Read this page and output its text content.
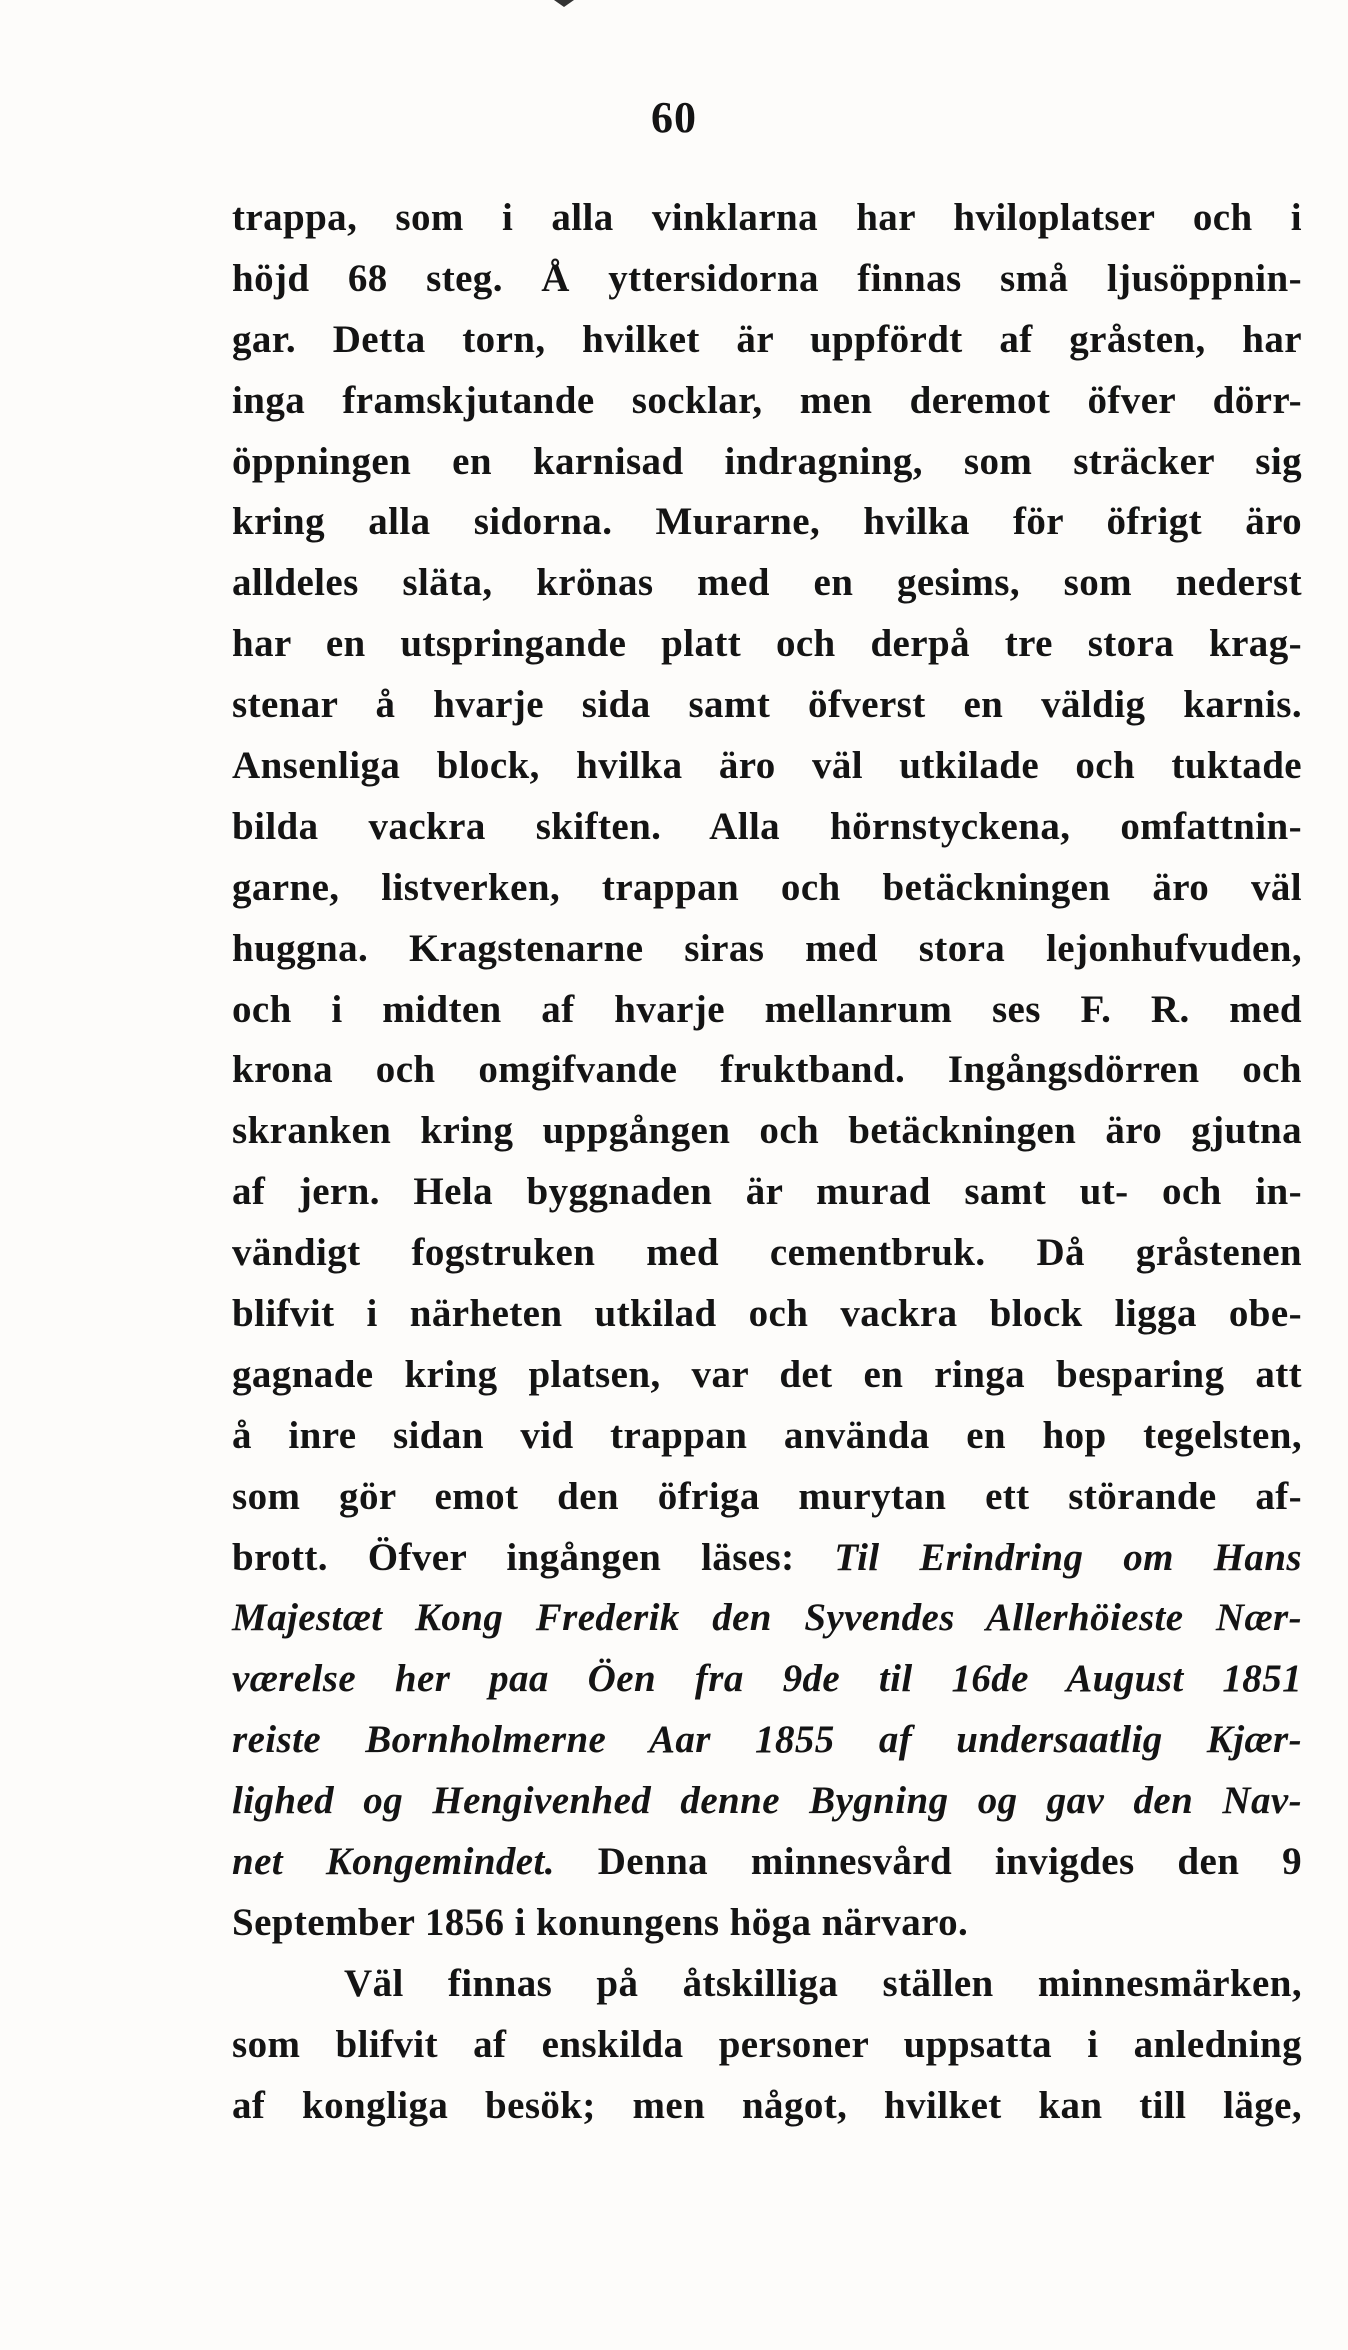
60
trappa, som i alla vinklarna har hviloplatser och i
höjd 68 steg. Å yttersidorna finnas små ljusöppnin-
gar. Detta torn, hvilket är uppfördt af gråsten, har
inga framskjutande socklar, men deremot öfver dörr-
öppningen en karnisad indragning, som sträcker sig
kring alla sidorna. Murarne, hvilka för öfrigt äro
alldeles släta, krönas med en gesims, som nederst
har en utspringande platt och derpå tre stora krag-
stenar å hvarje sida samt öfverst en väldig karnis.
Ansenliga block, hvilka äro väl utkilade och tuktade
bilda vackra skiften. Alla hörnstyckena, omfattnin-
garne, listverken, trappan och betäckningen äro väl
huggna. Kragstenarne siras med stora lejonhufvuden,
och i midten af hvarje mellanrum ses F. R. med
krona och omgifvande fruktband. Ingångsdörren och
skranken kring uppgången och betäckningen äro gjutna
af jern. Hela byggnaden är murad samt ut- och in-
vändigt fogstruken med cementbruk. Då gråstenen
blifvit i närheten utkilad och vackra block ligga obe-
gagnade kring platsen, var det en ringa besparing att
å inre sidan vid trappan använda en hop tegelsten,
som gör emot den öfriga murytan ett störande af-
brott. Öfver ingången läses: Til Erindring om Hans
Majestæt Kong Frederik den Syvendes Allerhöieste Nær-
værelse her paa Öen fra 9de til 16de August 1851
reiste Bornholmerne Aar 1855 af undersaatlig Kjær-
lighed og Hengivenhed denne Bygning og gav den Nav-
net Kongemindet. Denna minnesvård invigdes den 9
September 1856 i konungens höga närvaro.
Väl finnas på åtskilliga ställen minnesmärken,
som blifvit af enskilda personer uppsatta i anledning
af kongliga besök; men något, hvilket kan till läge,
